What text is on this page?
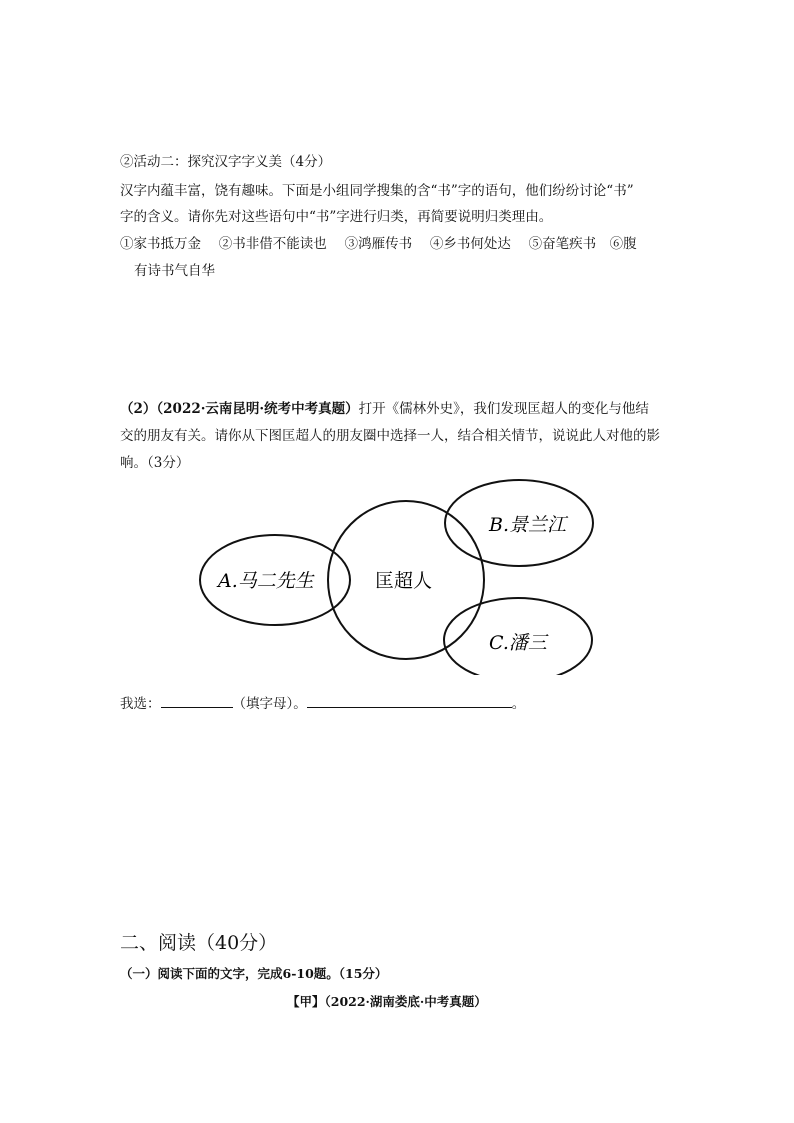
②活动二：探究汉字字义美（4分）
汉字内蕴丰富，饶有趣味。下面是小组同学搜集的含“书”字的语句，他们纷纷讨论“书”
字的含义。请你先对这些语句中“书”字进行归类，再简要说明归类理由。
①家书抵万金　 ②书非借不能读也　 ③鸿雁传书　 ④乡书何处达　 ⑤奋笔疾书　⑥腹
有诗书气自华
（2）（2022·云南昆明·统考中考真题）打开《儒林外史》，我们发现匡超人的变化与他结
交的朋友有关。请你从下图匡超人的朋友圈中选择一人，结合相关情节，说说此人对他的影
响。（3分）
A.马二先生	匡超人
B.景兰江
C.潘三
我选：	（填字母）。	。
二、阅读（40分）
（一）阅读下面的文字，完成6-10题。（15分）
【甲】（2022·湖南娄底·中考真题）
